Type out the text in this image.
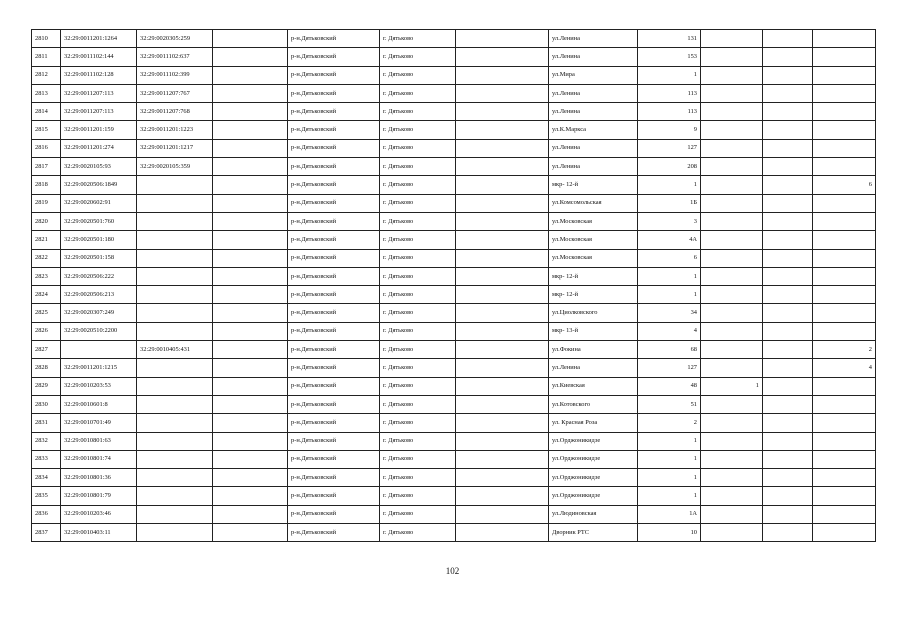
2810	32:29:0011201:1264	32:29:0020305:259		р-н.Дятьковский	г. Дятьково		ул.Ленина	131			
2811	32:29:0011102:144	32:29:0011102:637		р-н.Дятьковский	г. Дятьково		ул.Ленина	153			
2812	32:29:0011102:128	32:29:0011102:399		р-н.Дятьковский	г. Дятьково		ул.Мира	1			
2813	32:29:0011207:113	32:29:0011207:767		р-н.Дятьковский	г. Дятьково		ул.Ленина	113			
2814	32:29:0011207:113	32:29:0011207:768		р-н.Дятьковский	г. Дятьково		ул.Ленина	113			
2815	32:29:0011201:159	32:29:0011201:1223		р-н.Дятьковский	г. Дятьково		ул.К.Маркса	9			
2816	32:29:0011201:274	32:29:0011201:1217		р-н.Дятьковский	г. Дятьково		ул.Ленина	127			
2817	32:29:0020105:93	32:29:0020105:359		р-н.Дятьковский	г. Дятьково		ул.Ленина	208			
2818	32:29:0020506:1849			р-н.Дятьковский	г. Дятьково		мкр- 12-й	1			6
2819	32:29:0020602:91			р-н.Дятьковский	г. Дятьково		ул.Комсомольская	1Б			
2820	32:29:0020501:760			р-н.Дятьковский	г. Дятьково		ул.Московская	3			
2821	32:29:0020501:180			р-н.Дятьковский	г. Дятьково		ул.Московская	4А			
2822	32:29:0020501:158			р-н.Дятьковский	г. Дятьково		ул.Московская	6			
2823	32:29:0020506:222			р-н.Дятьковский	г. Дятьково		мкр- 12-й	1			
2824	32:29:0020506:213			р-н.Дятьковский	г. Дятьково		мкр- 12-й	1			
2825	32:29:0020307:249			р-н.Дятьковский	г. Дятьково		ул.Циолковского	34			
2826	32:29:0020510:2200			р-н.Дятьковский	г. Дятьково		мкр- 13-й	4			
2827		32:29:0010405:431		р-н.Дятьковский	г. Дятьково		ул.Фокина	68			2
2828	32:29:0011201:1215			р-н.Дятьковский	г. Дятьково		ул.Ленина	127			4
2829	32:29:0010203:53			р-н.Дятьковский	г. Дятьково		ул.Киевская	48	1		
2830	32:29:0010601:8			р-н.Дятьковский	г. Дятьково		ул.Котовского	51			
2831	32:29:0010701:49			р-н.Дятьковский	г. Дятьково		ул. Красная Роза	2			
2832	32:29:0010801:63			р-н.Дятьковский	г. Дятьково		ул.Орджоникидзе	1			
2833	32:29:0010801:74			р-н.Дятьковский	г. Дятьково		ул.Орджоникидзе	1			
2834	32:29:0010801:36			р-н.Дятьковский	г. Дятьково		ул.Орджоникидзе	1			
2835	32:29:0010801:79			р-н.Дятьковский	г. Дятьково		ул.Орджоникидзе	1			
2836	32:29:0010203:46			р-н.Дятьковский	г. Дятьково		ул.Людиновская	1А			
2837	32:29:0010403:11			р-н.Дятьковский	г. Дятьково		Дворник РТС	10			
102
